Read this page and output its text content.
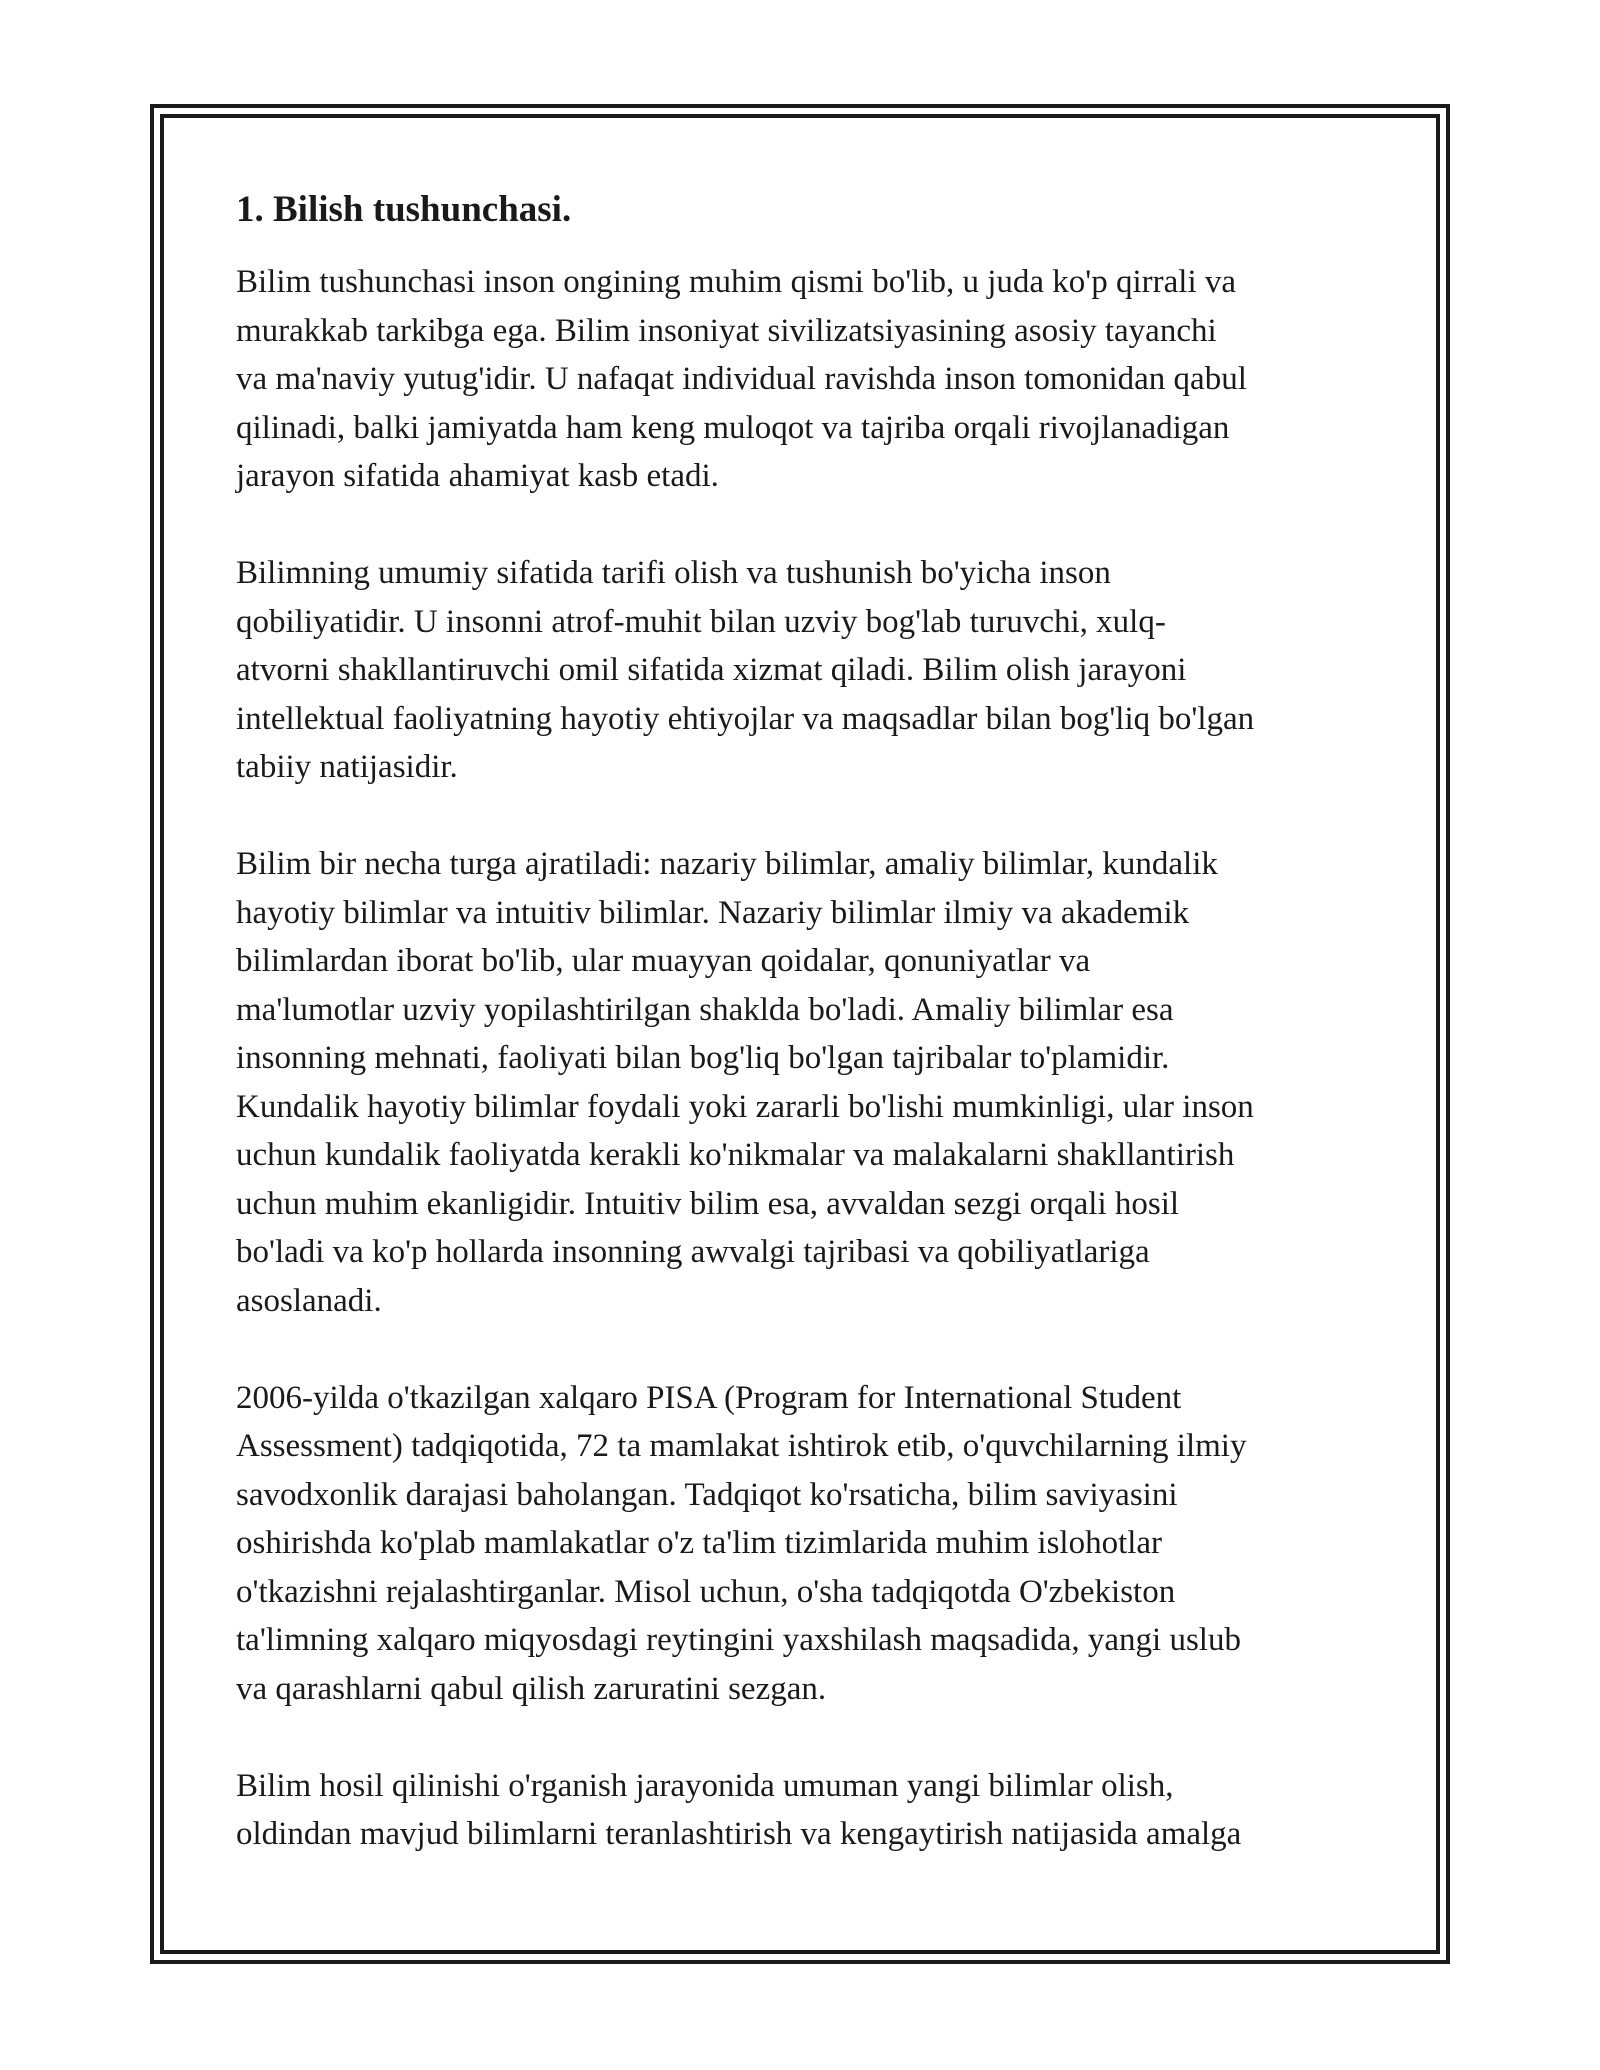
1. Bilish tushunchasi.

Bilim tushunchasi inson ongining muhim qismi bo'lib, u juda ko'p qirrali va
murakkab tarkibga ega. Bilim insoniyat sivilizatsiyasining asosiy tayanchi
va ma'naviy yutug'idir. U nafaqat individual ravishda inson tomonidan qabul
qilinadi, balki jamiyatda ham keng muloqot va tajriba orqali rivojlanadigan
jarayon sifatida ahamiyat kasb etadi.

Bilimning umumiy sifatida tarifi olish va tushunish bo'yicha inson
qobiliyatidir. U insonni atrof-muhit bilan uzviy bog'lab turuvchi, xulq-
atvorni shakllantiruvchi omil sifatida xizmat qiladi. Bilim olish jarayoni
intellektual faoliyatning hayotiy ehtiyojlar va maqsadlar bilan bog'liq bo'lgan
tabiiy natijasidir.

Bilim bir necha turga ajratiladi: nazariy bilimlar, amaliy bilimlar, kundalik
hayotiy bilimlar va intuitiv bilimlar. Nazariy bilimlar ilmiy va akademik
bilimlardan iborat bo'lib, ular muayyan qoidalar, qonuniyatlar va
ma'lumotlar uzviy yopilashtirilgan shaklda bo'ladi. Amaliy bilimlar esa
insonning mehnati, faoliyati bilan bog'liq bo'lgan tajribalar to'plamidir.
Kundalik hayotiy bilimlar foydali yoki zararli bo'lishi mumkinligi, ular inson
uchun kundalik faoliyatda kerakli ko'nikmalar va malakalarni shakllantirish
uchun muhim ekanligidir. Intuitiv bilim esa, avvaldan sezgi orqali hosil
bo'ladi va ko'p hollarda insonning awvalgi tajribasi va qobiliyatlariga
asoslanadi.

2006-yilda o'tkazilgan xalqaro PISA (Program for International Student
Assessment) tadqiqotida, 72 ta mamlakat ishtirok etib, o'quvchilarning ilmiy
savodxonlik darajasi baholangan. Tadqiqot ko'rsaticha, bilim saviyasini
oshirishda ko'plab mamlakatlar o'z ta'lim tizimlarida muhim islohotlar
o'tkazishni rejalashtirganlar. Misol uchun, o'sha tadqiqotda O'zbekiston
ta'limning xalqaro miqyosdagi reytingini yaxshilash maqsadida, yangi uslub
va qarashlarni qabul qilish zaruratini sezgan.

Bilim hosil qilinishi o'rganish jarayonida umuman yangi bilimlar olish,
oldindan mavjud bilimlarni teranlashtirish va kengaytirish natijasida amalga
